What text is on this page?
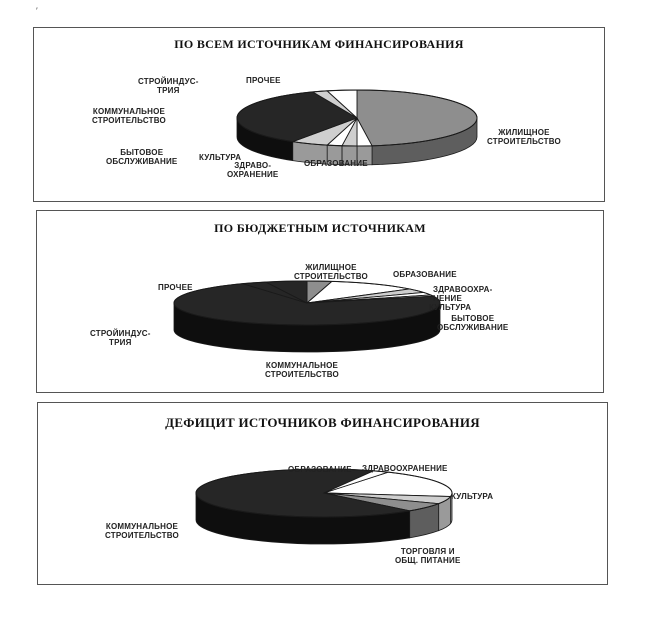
′
ПО ВСЕМ ИСТОЧНИКАМ ФИНАНСИРОВАНИЯ
ЖИЛИЩНОЕ
СТРОИТЕЛЬСТВО
ОБРАЗОВАНИЕ
ЗДРАВО-
ОХРАНЕНИЕ
КУЛЬТУРА
БЫТОВОЕ
ОБСЛУЖИВАНИЕ
КОММУНАЛЬНОЕ
СТРОИТЕЛЬСТВО
СТРОЙИНДУС-
ТРИЯ
ПРОЧЕЕ
ПО БЮДЖЕТНЫМ ИСТОЧНИКАМ
ЖИЛИЩНОЕ
СТРОИТЕЛЬСТВО	ОБРАЗОВАНИЕ
ЗДРАВООХРА-
НЕНИЕ
КУЛЬТУРА
БЫТОВОЕ
ОБСЛУЖИВАНИЕ
КОММУНАЛЬНОЕ
СТРОИТЕЛЬСТВО
СТРОЙИНДУС-
ТРИЯ
ПРОЧЕЕ
ДЕФИЦИТ ИСТОЧНИКОВ ФИНАНСИРОВАНИЯ
ЗДРАВООХРАНЕНИЕ
КУЛЬТУРА
ТОРГОВЛЯ И
ОБЩ. ПИТАНИЕ
КОММУНАЛЬНОЕ
СТРОИТЕЛЬСТВО
ОБРАЗОВАНИЕ
